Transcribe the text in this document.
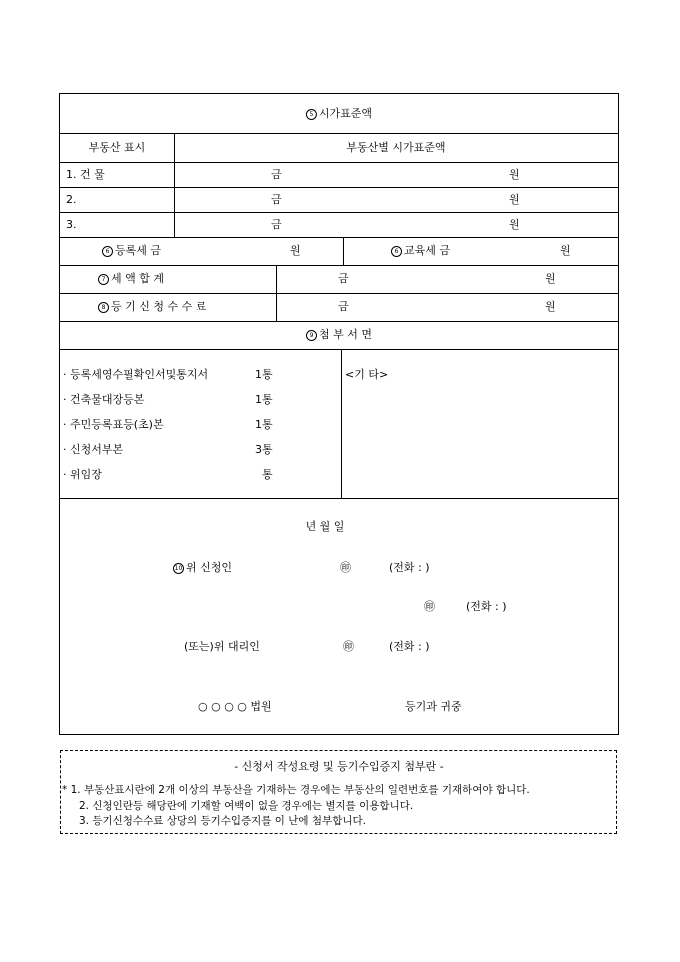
5 시가표준액
부동산 표시	부동산별 시가표준액
1. 건 물	금	원
2.	금	원
3.	금	원
6 등록세 금	원	6 교육세 금	원
7 세 액 합 계	금	원
8 등 기 신 청 수 수 료	금	원
9 첨 부 서 면
· 등록세영수필확인서및통지서	1통
· 건축물대장등본	1통
· 주민등록표등(초)본	1통
· 신청서부본	3통
· 위임장	통
<기 타>
년 월 일
10 위 신청인	㊞	(전화 : )
㊞	(전화 : )
(또는)위 대리인	㊞	(전화 : )
○ ○ ○ ○ 법원	등기과 귀중
- 신청서 작성요령 및 등기수입증지 첨부란 -
* 1. 부동산표시란에 2개 이상의 부동산을 기재하는 경우에는 부동산의 일련번호를 기재하여야 합니다.
2. 신청인란등 해당란에 기재할 여백이 없을 경우에는 별지를 이용합니다.
3. 등기신청수수료 상당의 등기수입증지를 이 난에 첨부합니다.
